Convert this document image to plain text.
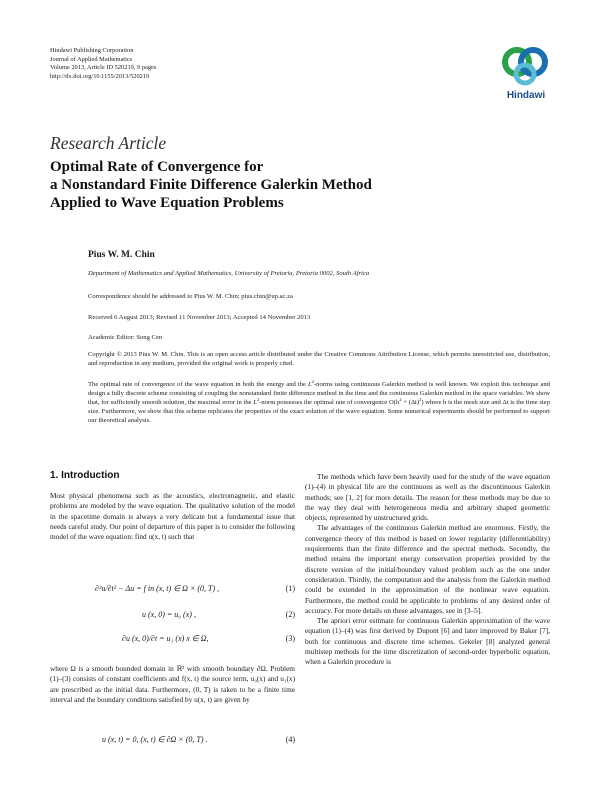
Hindawi Publishing Corporation
Journal of Applied Mathematics
Volume 2013, Article ID 520219, 9 pages
http://dx.doi.org/10.1155/2013/520219
Hindawi
Research Article
Optimal Rate of Convergence for
a Nonstandard Finite Difference Galerkin Method
Applied to Wave Equation Problems
Pius W. M. Chin
Department of Mathematics and Applied Mathematics, University of Pretoria, Pretoria 0002, South Africa
Correspondence should be addressed to Pius W. M. Chin; pius.chin@up.ac.za
Received 6 August 2013; Revised 11 November 2013; Accepted 14 November 2013
Academic Editor: Song Cen
Copyright © 2013 Pius W. M. Chin. This is an open access article distributed under the Creative Commons Attribution License, which permits unrestricted use, distribution, and reproduction in any medium, provided the original work is properly cited.
The optimal rate of convergence of the wave equation in both the energy and the $L^2$-norms using continuous Galerkin method is well known. We exploit this technique and design a fully discrete scheme consisting of coupling the nonstandard finite difference method in the time and the continuous Galerkin method in the space variables. We show that, for sufficiently smooth solution, the maximal error in the $L^2$-norm possesses the optimal rate of convergence $O(h^2 + (\Delta t)^2)$ where h is the mesh size and Δt is the time step size. Furthermore, we show that this scheme replicates the properties of the exact solution of the wave equation. Some numerical experiments should be performed to support our theoretical analysis.
1. Introduction
Most physical phenomena such as the acoustics, electromagnetic, and elastic problems are modeled by the wave equation. The qualitative solution of the model in the spacetime domain is always a very delicate but a fundamental issue that needs careful study. Our point of departure of this paper is to consider the following model of the wave equation: find u(x, t) such that
∂²u/∂t² − Δu = f in (x, t) ∈ Ω × (0, T) ,	(1)
u (x, 0) = u₀ (x) ,	(2)
∂u (x, 0)/∂t = u₁ (x) x ∈ Ω,	(3)
where Ω is a smooth bounded domain in ℝ² with smooth boundary ∂Ω. Problem (1)–(3) consists of constant coefficients and f(x, t) the source term, u₀(x) and u₁(x) are prescribed as the initial data. Furthermore, (0, T) is taken to be a finite time interval and the boundary conditions satisfied by u(x, t) are given by
u (x, t) = 0, (x, t) ∈ ∂Ω × (0, T) .	(4)

The methods which have been heavily used for the study of the wave equation (1)–(4) in physical life are the continuous as well as the discontinuous Galerkin methods; see [1, 2] for more details. The reason for these methods may be due to the way they deal with heterogeneous media and arbitrary shaped geometric objects, represented by unstructured grids.

The advantages of the continuous Galerkin method are enormous. Firstly, the convergence theory of this method is based on lower regularity (differentiability) requirements than the finite difference and the spectral methods. Secondly, the method retains the important energy conservation properties provided by the discrete version of the initial/boundary valued problem such as the one under consideration. Thirdly, the computation and the analysis from the Galerkin method could be extended in the approximation of the nonlinear wave equation. Furthermore, the method could be applicable to problems of any desired order of accuracy. For more details on these advantages, see in [3–5].

The apriori error estimate for continuous Galerkin approximation of the wave equation (1)–(4) was first derived by Dupont [6] and later improved by Baker [7], both for continuous and discrete time schemes. Gekeler [8] analyzed general multistep methods for the time discretization of second-order hyperbolic equation, when a Galerkin procedure is
